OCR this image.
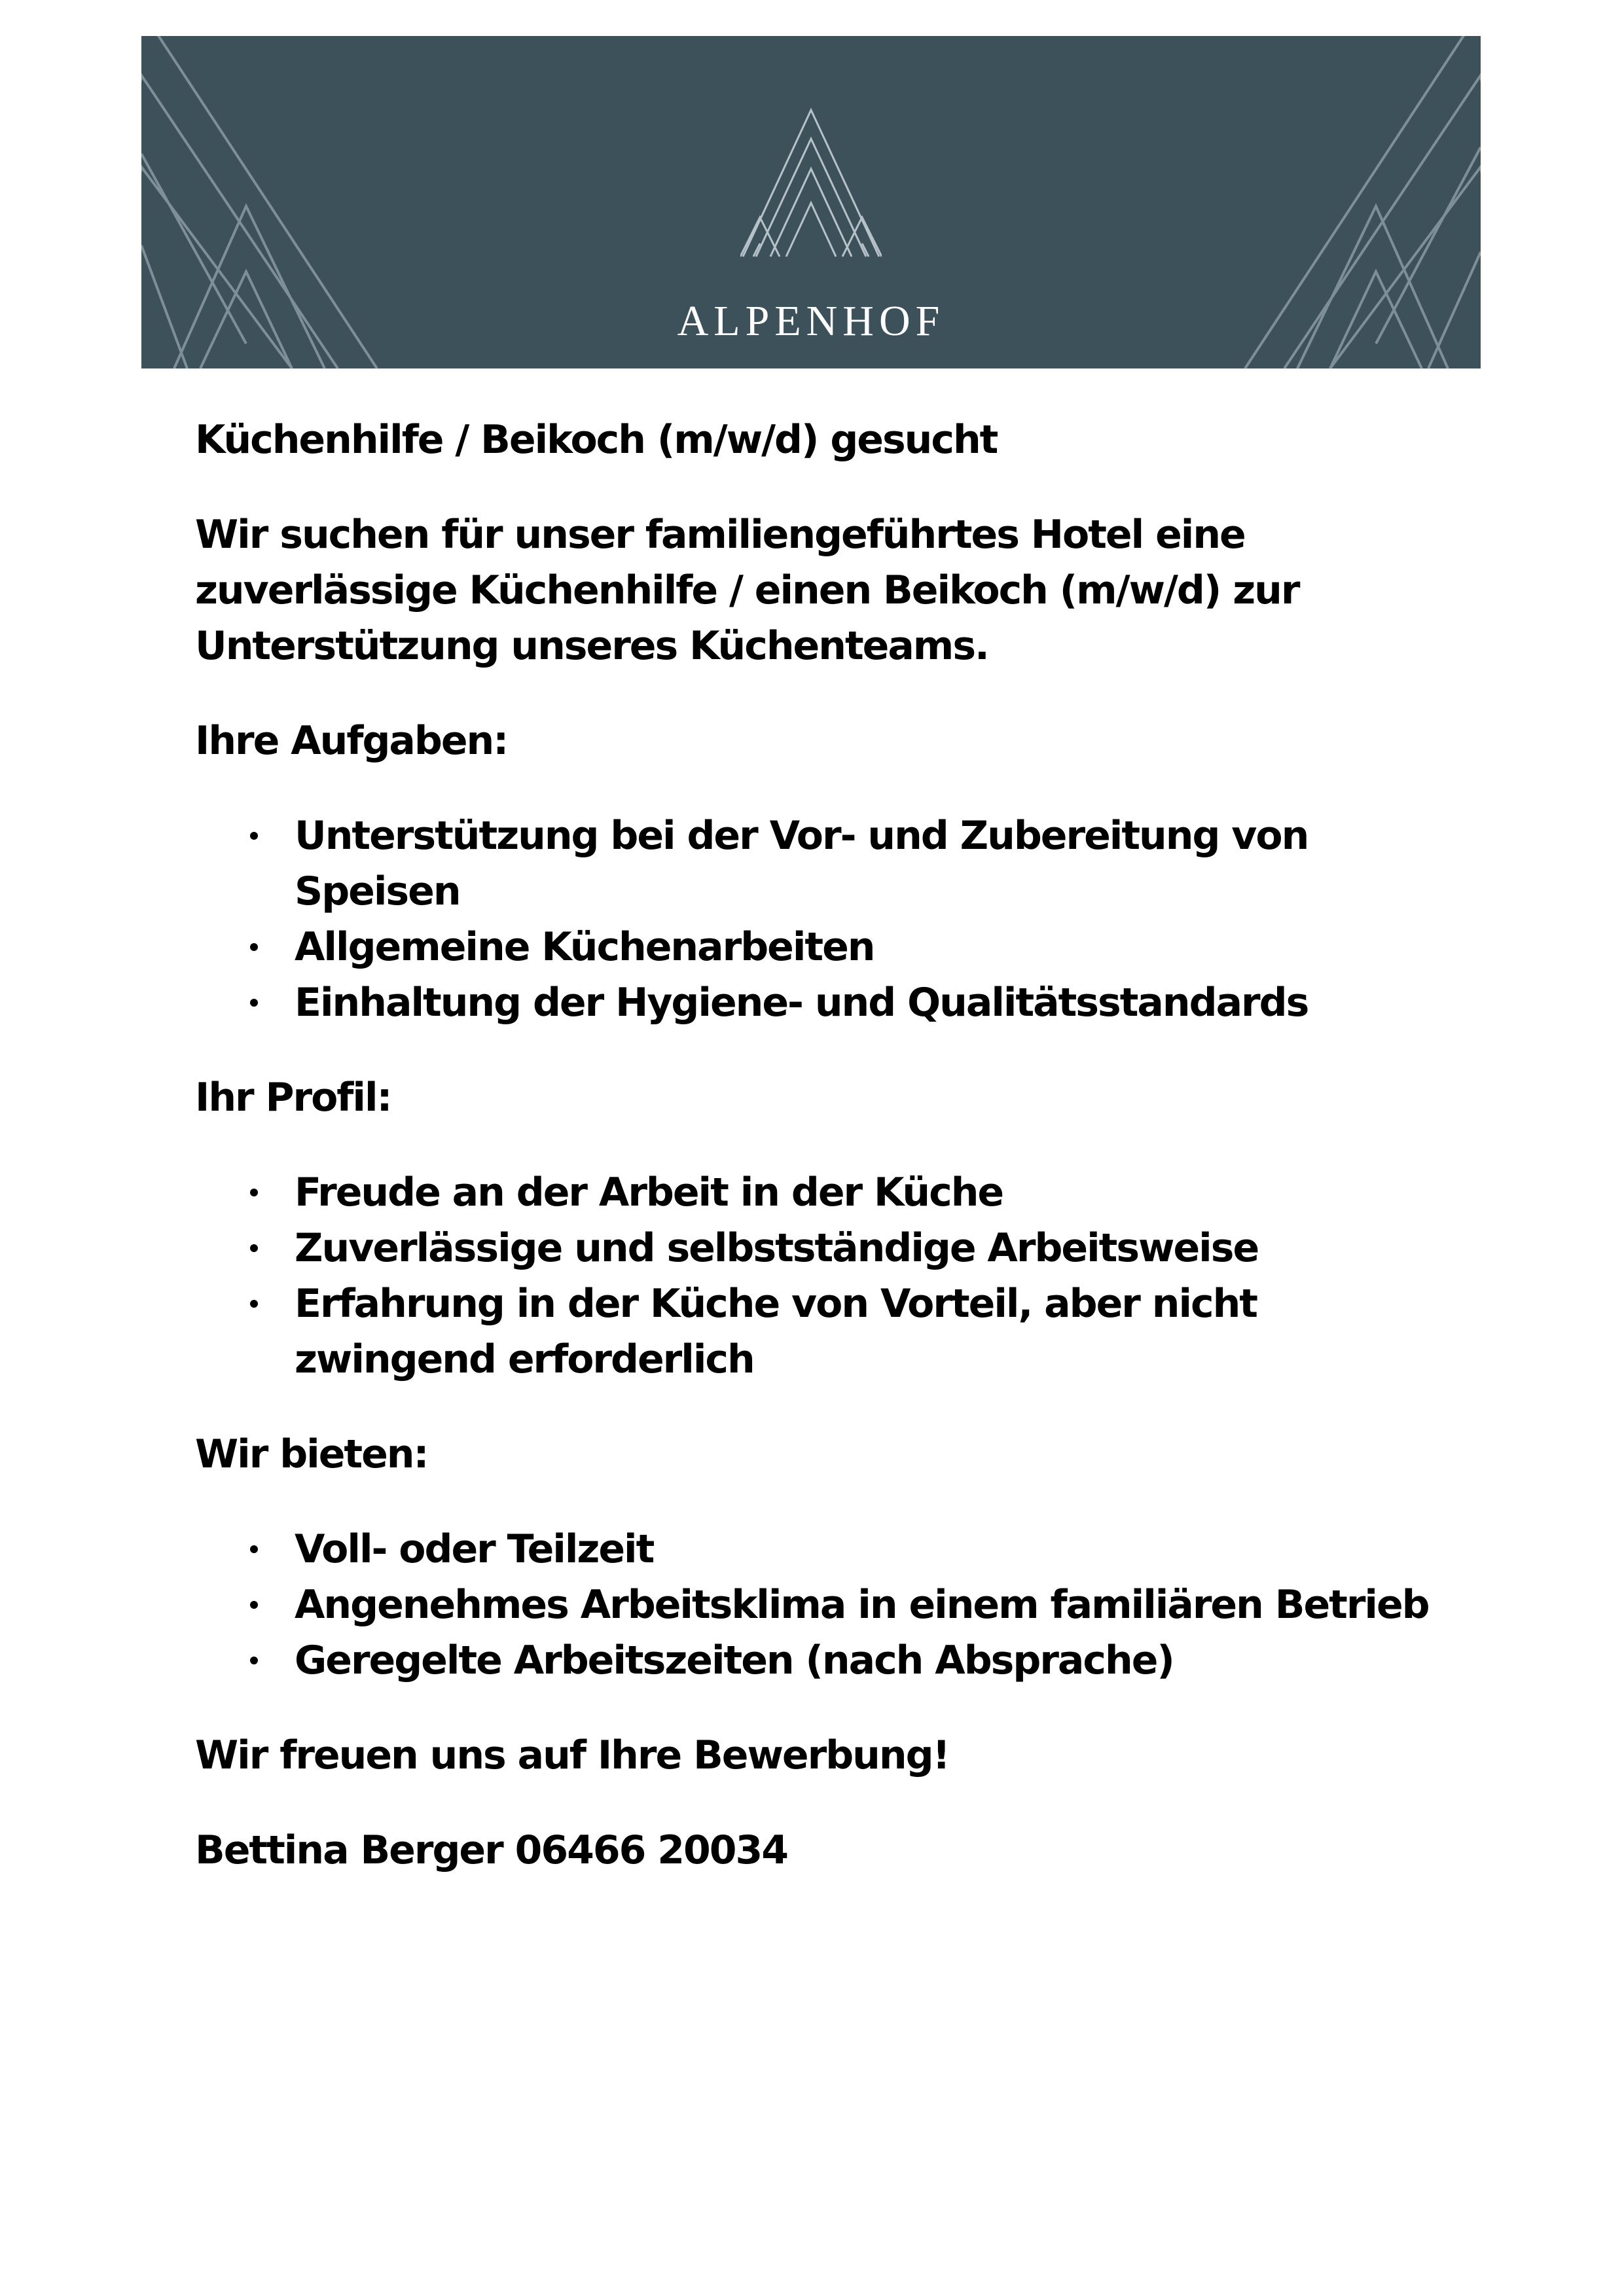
ALPENHOF

Küchenhilfe / Beikoch (m/w/d) gesucht

Wir suchen für unser familiengeführtes Hotel eine zuverlässige Küchenhilfe / einen Beikoch (m/w/d) zur Unterstützung unseres Küchenteams.

Ihre Aufgaben:

Unterstützung bei der Vor- und Zubereitung von Speisen
Allgemeine Küchenarbeiten
Einhaltung der Hygiene- und Qualitätsstandards

Ihr Profil:

Freude an der Arbeit in der Küche
Zuverlässige und selbstständige Arbeitsweise
Erfahrung in der Küche von Vorteil, aber nicht zwingend erforderlich

Wir bieten:

Voll- oder Teilzeit
Angenehmes Arbeitsklima in einem familiären Betrieb
Geregelte Arbeitszeiten (nach Absprache)

Wir freuen uns auf Ihre Bewerbung!

Bettina Berger 06466 20034
